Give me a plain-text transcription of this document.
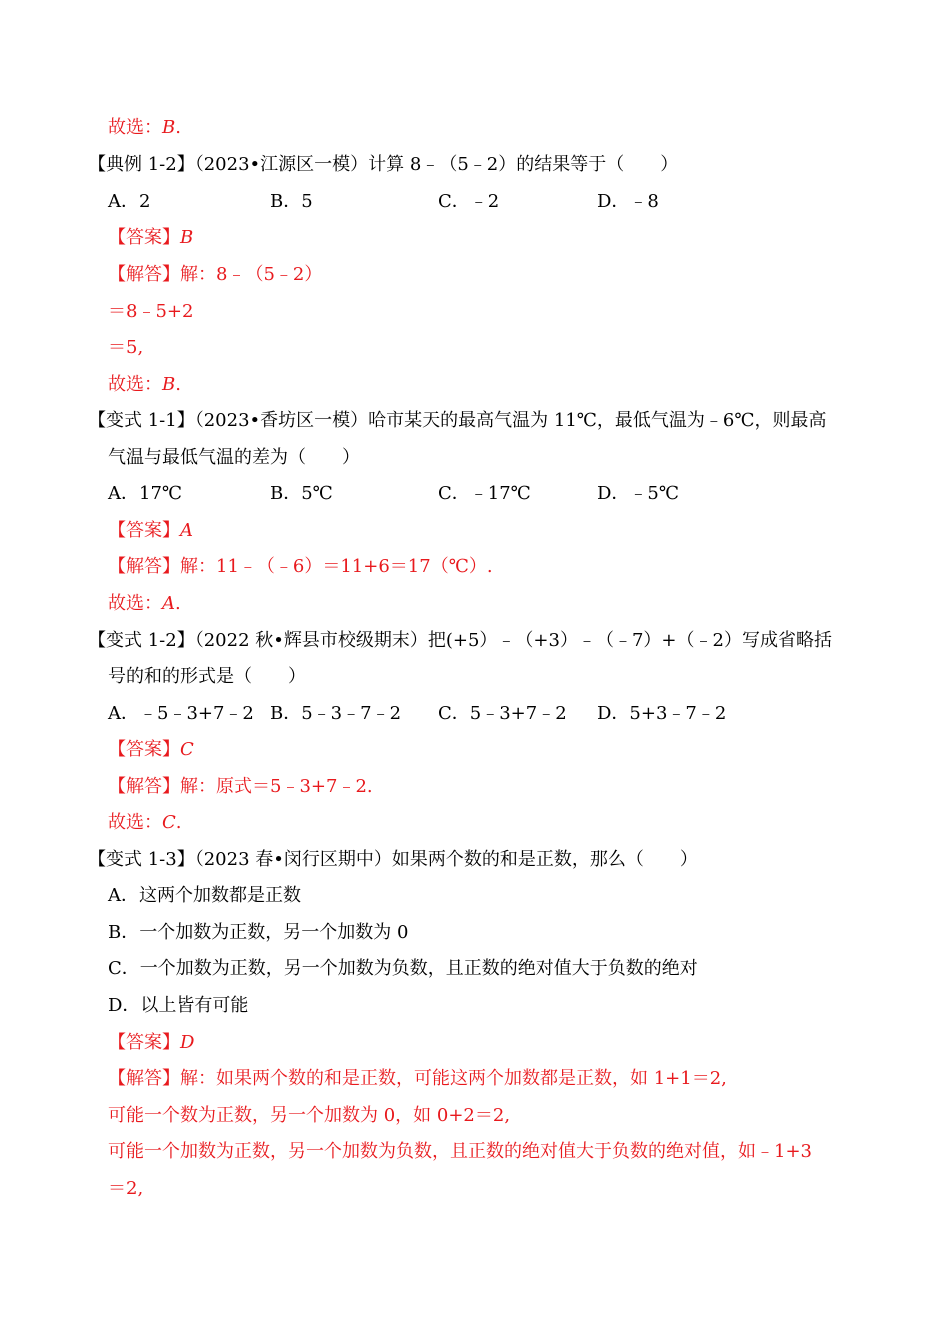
故选：B.
【典例 1-2】（2023•江源区一模）计算 8﹣（5﹣2）的结果等于（　　）
A．2	B．5	C．﹣2	D．﹣8
【答案】B
【解答】解：8﹣（5﹣2）
＝8﹣5+2
＝5,
故选：B.
【变式 1-1】（2023•香坊区一模）哈市某天的最高气温为 11℃，最低气温为﹣6℃，则最高
气温与最低气温的差为（　　）
A．17℃	B．5℃	C．﹣17℃	D．﹣5℃
【答案】A
【解答】解：11﹣（﹣6）＝11+6＝17（℃）.
故选：A.
【变式 1-2】（2022 秋•辉县市校级期末）把(+5）﹣（+3）﹣（﹣7）+（﹣2）写成省略括
号的和的形式是（　　）
A．﹣5﹣3+7﹣2 B．5﹣3﹣7﹣2 C．5﹣3+7﹣2 D．5+3﹣7﹣2
【答案】C
【解答】解：原式＝5﹣3+7﹣2.
故选：C.
【变式 1-3】（2023 春•闵行区期中）如果两个数的和是正数，那么（　　）
A．这两个加数都是正数
B．一个加数为正数，另一个加数为 0
C．一个加数为正数，另一个加数为负数，且正数的绝对值大于负数的绝对
D．以上皆有可能
【答案】D
【解答】解：如果两个数的和是正数，可能这两个加数都是正数，如 1+1＝2,
可能一个数为正数，另一个加数为 0，如 0+2＝2,
可能一个加数为正数，另一个加数为负数，且正数的绝对值大于负数的绝对值，如﹣1+3
＝2,
